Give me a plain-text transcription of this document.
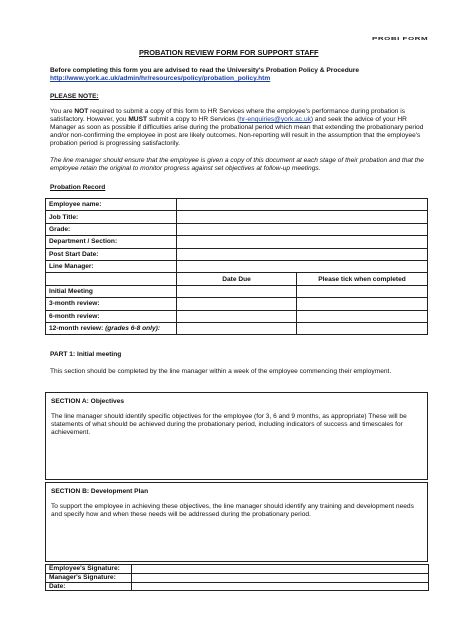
PROBI FORM
PROBATION REVIEW FORM FOR SUPPORT STAFF
Before completing this form you are advised to read the University's Probation Policy & Procedure
http://www.york.ac.uk/admin/hr/resources/policy/probation_policy.htm
PLEASE NOTE:
You are NOT required to submit a copy of this form to HR Services where the employee's performance during probation is satisfactory. However, you MUST submit a copy to HR Services (hr-enquiries@york.ac.uk) and seek the advice of your HR Manager as soon as possible if difficulties arise during the probational period which mean that extending the probationary period and/or non-confirming the employee in post are likely outcomes. Non-reporting will result in the assumption that the employee's probation period is progressing satisfactorily.
The line manager should ensure that the employee is given a copy of this document at each stage of their probation and that the employee retain the original to monitor progress against set objectives at follow-up meetings.
Probation Record
Employee name:		
Job Title:		
Grade:		
Department / Section:		
Post Start Date:		
Line Manager:		
	Date Due	Please tick when completed
Initial Meeting		
3-month review:		
6-month review:		
12-month review: (grades 6-8 only):		
PART 1: Initial meeting
This section should be completed by the line manager within a week of the employee commencing their employment.
SECTION A: Objectives
The line manager should identify specific objectives for the employee (for 3, 6 and 9 months, as appropriate) These will be statements of what should be achieved during the probationary period, including indicators of success and timescales for achievement.
SECTION B: Development Plan
To support the employee in achieving these objectives, the line manager should identify any training and development needs and specify how and when these needs will be addressed during the probationary period.
Employee's Signature:	
Manager's Signature:	
Date:	
